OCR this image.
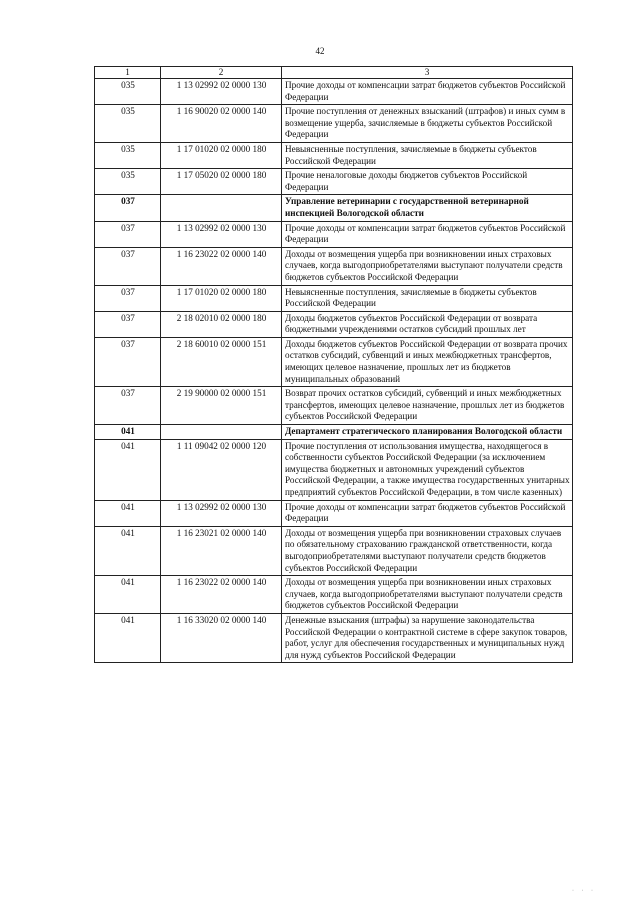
42
1	2	3
035	1 13 02992 02 0000 130	Прочие доходы от компенсации затрат бюджетов субъектов Российской Федерации
035	1 16 90020 02 0000 140	Прочие поступления от денежных взысканий (штрафов) и иных сумм в возмещение ущерба, зачисляемые в бюджеты субъектов Российской Федерации
035	1 17 01020 02 0000 180	Невыясненные поступления, зачисляемые в бюджеты субъектов Российской Федерации
035	1 17 05020 02 0000 180	Прочие неналоговые доходы бюджетов субъектов Российской Федерации
037		Управление ветеринарии с государственной ветеринарной инспекцией Вологодской области
037	1 13 02992 02 0000 130	Прочие доходы от компенсации затрат бюджетов субъектов Российской Федерации
037	1 16 23022 02 0000 140	Доходы от возмещения ущерба при возникновении иных страховых случаев, когда выгодоприобретателями выступают получатели средств бюджетов субъектов Российской Федерации
037	1 17 01020 02 0000 180	Невыясненные поступления, зачисляемые в бюджеты субъектов Российской Федерации
037	2 18 02010 02 0000 180	Доходы бюджетов субъектов Российской Федерации от возврата бюджетными учреждениями остатков субсидий прошлых лет
037	2 18 60010 02 0000 151	Доходы бюджетов субъектов Российской Федерации от возврата прочих остатков субсидий, субвенций и иных межбюджетных трансфертов, имеющих целевое назначение, прошлых лет из бюджетов муниципальных образований
037	2 19 90000 02 0000 151	Возврат прочих остатков субсидий, субвенций и иных межбюджетных трансфертов, имеющих целевое назначение, прошлых лет из бюджетов субъектов Российской Федерации
041		Департамент стратегического планирования Вологодской области
041	1 11 09042 02 0000 120	Прочие поступления от использования имущества, находящегося в собственности субъектов Российской Федерации (за исключением имущества бюджетных и автономных учреждений субъектов Российской Федерации, а также имущества государственных унитарных предприятий субъектов Российской Федерации, в том числе казенных)
041	1 13 02992 02 0000 130	Прочие доходы от компенсации затрат бюджетов субъектов Российской Федерации
041	1 16 23021 02 0000 140	Доходы от возмещения ущерба при возникновении страховых случаев по обязательному страхованию гражданской ответственности, когда выгодоприобретателями выступают получатели средств бюджетов субъектов Российской Федерации
041	1 16 23022 02 0000 140	Доходы от возмещения ущерба при возникновении иных страховых случаев, когда выгодоприобретателями выступают получатели средств бюджетов субъектов Российской Федерации
041	1 16 33020 02 0000 140	Денежные взыскания (штрафы) за нарушение законодательства Российской Федерации о контрактной системе в сфере закупок товаров, работ, услуг для обеспечения государственных и муниципальных нужд для нужд субъектов Российской Федерации
· · ·
